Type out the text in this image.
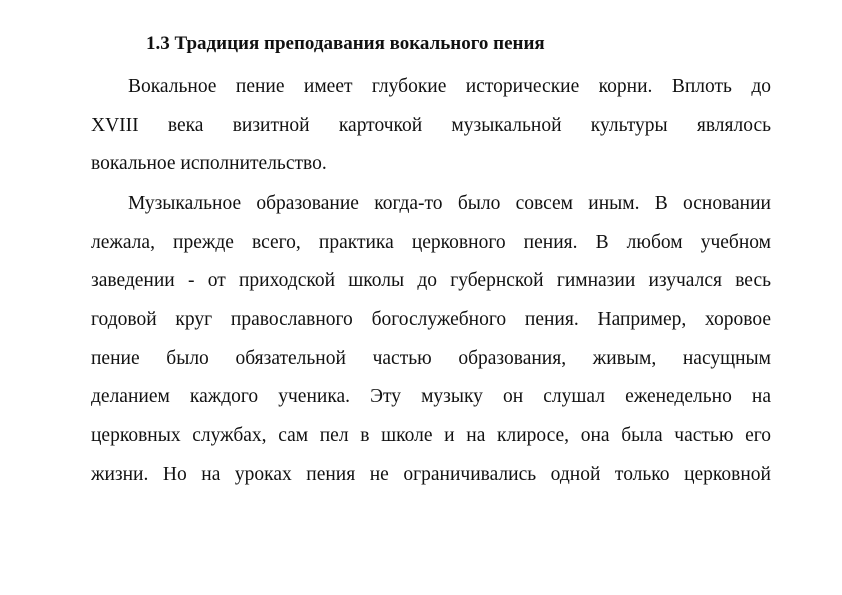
1.3 Традиция преподавания вокального пения
Вокальное пение имеет глубокие исторические корни. Вплоть до
XVIII века визитной карточкой музыкальной культуры являлось
вокальное исполнительство.
Музыкальное образование когда-то было совсем иным. В основании
лежала, прежде всего, практика церковного пения. В любом учебном
заведении - от приходской школы до губернской гимназии изучался весь
годовой круг православного богослужебного пения. Например, хоровое
пение было обязательной частью образования, живым, насущным
деланием каждого ученика. Эту музыку он слушал еженедельно на
церковных службах, сам пел в школе и на клиросе, она была частью его
жизни. Но на уроках пения не ограничивались одной только церковной
